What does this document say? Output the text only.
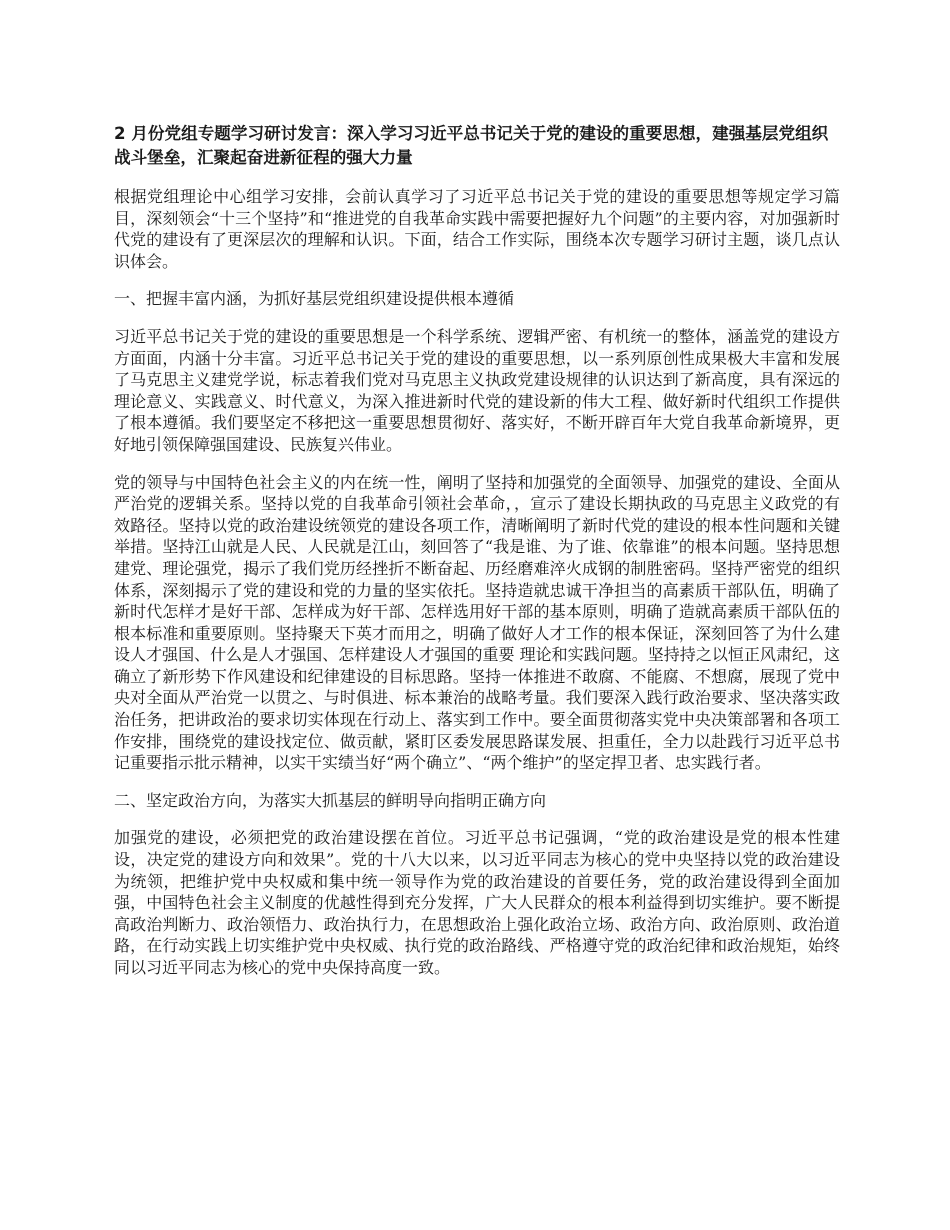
2 月份党组专题学习研讨发言：深入学习习近平总书记关于党的建设的重要思想，建强基层党组织战斗堡垒，汇聚起奋进新征程的强大力量
根据党组理论中心组学习安排，会前认真学习了习近平总书记关于党的建设的重要思想等规定学习篇目，深刻领会“十三个坚持”和“推进党的自我革命实践中需要把握好九个问题”的主要内容，对加强新时代党的建设有了更深层次的理解和认识。下面，结合工作实际，围绕本次专题学习研讨主题，谈几点认识体会。
一、把握丰富内涵，为抓好基层党组织建设提供根本遵循
习近平总书记关于党的建设的重要思想是一个科学系统、逻辑严密、有机统一的整体，涵盖党的建设方方面面，内涵十分丰富。习近平总书记关于党的建设的重要思想，以一系列原创性成果极大丰富和发展了马克思主义建党学说，标志着我们党对马克思主义执政党建设规律的认识达到了新高度，具有深远的理论意义、实践意义、时代意义，为深入推进新时代党的建设新的伟大工程、做好新时代组织工作提供了根本遵循。我们要坚定不移把这一重要思想贯彻好、落实好，不断开辟百年大党自我革命新境界，更好地引领保障强国建设、民族复兴伟业。
党的领导与中国特色社会主义的内在统一性，阐明了坚持和加强党的全面领导、加强党的建设、全面从严治党的逻辑关系。坚持以党的自我革命引领社会革命，，宣示了建设长期执政的马克思主义政党的有效路径。坚持以党的政治建设统领党的建设各项工作，清晰阐明了新时代党的建设的根本性问题和关键举措。坚持江山就是人民、人民就是江山，刻回答了“我是谁、为了谁、依靠谁”的根本问题。坚持思想建党、理论强党，揭示了我们党历经挫折不断奋起、历经磨难淬火成钢的制胜密码。坚持严密党的组织体系，深刻揭示了党的建设和党的力量的坚实依托。坚持造就忠诚干净担当的高素质干部队伍，明确了新时代怎样才是好干部、怎样成为好干部、怎样选用好干部的基本原则，明确了造就高素质干部队伍的根本标准和重要原则。坚持聚天下英才而用之，明确了做好人才工作的根本保证，深刻回答了为什么建设人才强国、什么是人才强国、怎样建设人才强国的重要 理论和实践问题。坚持持之以恒正风肃纪，这确立了新形势下作风建设和纪律建设的目标思路。坚持一体推进不敢腐、不能腐、不想腐，展现了党中央对全面从严治党一以贯之、与时俱进、标本兼治的战略考量。我们要深入践行政治要求、坚决落实政治任务，把讲政治的要求切实体现在行动上、落实到工作中。要全面贯彻落实党中央决策部署和各项工作安排，围绕党的建设找定位、做贡献，紧盯区委发展思路谋发展、担重任，全力以赴践行习近平总书记重要指示批示精神，以实干实绩当好“两个确立”、“两个维护”的坚定捍卫者、忠实践行者。
二、坚定政治方向，为落实大抓基层的鲜明导向指明正确方向
加强党的建设，必须把党的政治建设摆在首位。习近平总书记强调，“党的政治建设是党的根本性建设，决定党的建设方向和效果”。党的十八大以来，以习近平同志为核心的党中央坚持以党的政治建设为统领，把维护党中央权威和集中统一领导作为党的政治建设的首要任务，党的政治建设得到全面加强，中国特色社会主义制度的优越性得到充分发挥，广大人民群众的根本利益得到切实维护。要不断提高政治判断力、政治领悟力、政治执行力，在思想政治上强化政治立场、政治方向、政治原则、政治道路，在行动实践上切实维护党中央权威、执行党的政治路线、严格遵守党的政治纪律和政治规矩，始终同以习近平同志为核心的党中央保持高度一致。
